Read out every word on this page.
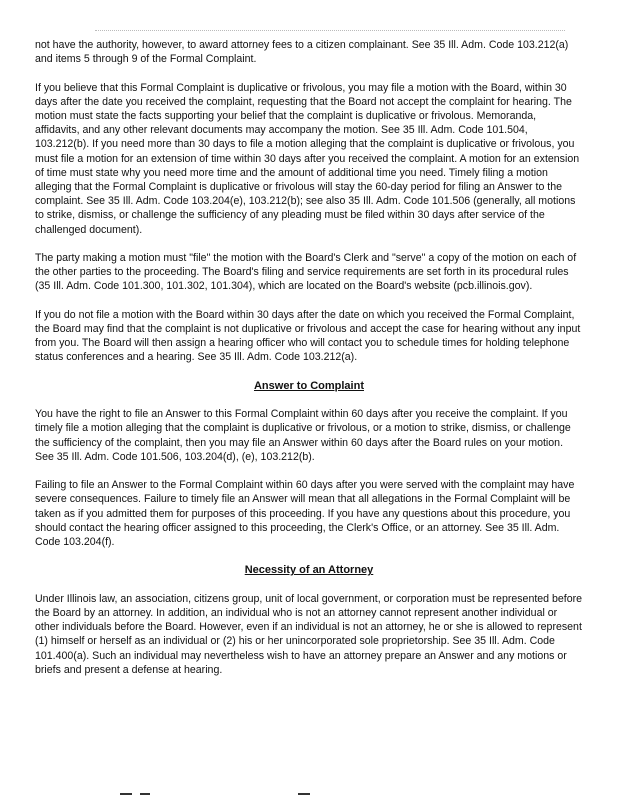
not have the authority, however, to award attorney fees to a citizen complainant. See 35 Ill. Adm. Code 103.212(a) and items 5 through 9 of the Formal Complaint.

If you believe that this Formal Complaint is duplicative or frivolous, you may file a motion with the Board, within 30 days after the date you received the complaint, requesting that the Board not accept the complaint for hearing. The motion must state the facts supporting your belief that the complaint is duplicative or frivolous. Memoranda, affidavits, and any other relevant documents may accompany the motion. See 35 Ill. Adm. Code 101.504, 103.212(b). If you need more than 30 days to file a motion alleging that the complaint is duplicative or frivolous, you must file a motion for an extension of time within 30 days after you received the complaint. A motion for an extension of time must state why you need more time and the amount of additional time you need. Timely filing a motion alleging that the Formal Complaint is duplicative or frivolous will stay the 60-day period for filing an Answer to the complaint. See 35 Ill. Adm. Code 103.204(e), 103.212(b); see also 35 Ill. Adm. Code 101.506 (generally, all motions to strike, dismiss, or challenge the sufficiency of any pleading must be filed within 30 days after service of the challenged document).

The party making a motion must "file" the motion with the Board's Clerk and "serve" a copy of the motion on each of the other parties to the proceeding. The Board's filing and service requirements are set forth in its procedural rules (35 Ill. Adm. Code 101.300, 101.302, 101.304), which are located on the Board's website (pcb.illinois.gov).

If you do not file a motion with the Board within 30 days after the date on which you received the Formal Complaint, the Board may find that the complaint is not duplicative or frivolous and accept the case for hearing without any input from you. The Board will then assign a hearing officer who will contact you to schedule times for holding telephone status conferences and a hearing. See 35 Ill. Adm. Code 103.212(a).

Answer to Complaint

You have the right to file an Answer to this Formal Complaint within 60 days after you receive the complaint. If you timely file a motion alleging that the complaint is duplicative or frivolous, or a motion to strike, dismiss, or challenge the sufficiency of the complaint, then you may file an Answer within 60 days after the Board rules on your motion. See 35 Ill. Adm. Code 101.506, 103.204(d), (e), 103.212(b).

Failing to file an Answer to the Formal Complaint within 60 days after you were served with the complaint may have severe consequences. Failure to timely file an Answer will mean that all allegations in the Formal Complaint will be taken as if you admitted them for purposes of this proceeding. If you have any questions about this procedure, you should contact the hearing officer assigned to this proceeding, the Clerk's Office, or an attorney. See 35 Ill. Adm. Code 103.204(f).

Necessity of an Attorney

Under Illinois law, an association, citizens group, unit of local government, or corporation must be represented before the Board by an attorney. In addition, an individual who is not an attorney cannot represent another individual or other individuals before the Board. However, even if an individual is not an attorney, he or she is allowed to represent (1) himself or herself as an individual or (2) his or her unincorporated sole proprietorship. See 35 Ill. Adm. Code 101.400(a). Such an individual may nevertheless wish to have an attorney prepare an Answer and any motions or briefs and present a defense at hearing.
